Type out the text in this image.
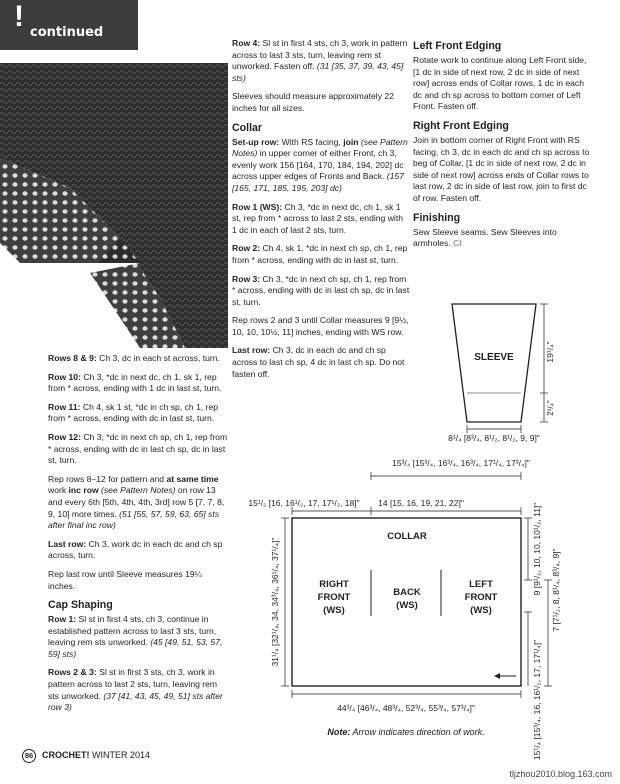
! continued

Rows 8 & 9: Ch 3, dc in each st across, turn.

Row 10: Ch 3, *dc in next dc, ch 1, sk 1, rep from * across, ending with 1 dc in last st, turn.

Row 11: Ch 4, sk 1 st, *dc in ch sp, ch 1, rep from * across, ending with dc in last st, turn.

Row 12: Ch 3, *dc in next ch sp, ch 1, rep from * across, ending with dc in last ch sp, dc in last st, turn.

Rep rows 8–12 for pattern and at same time work inc row (see Pattern Notes) on row 13 and every 6th [5th, 4th, 4th, 3rd] row 5 [7, 7, 8, 9, 10] more times. (51 [55, 57, 59, 63, 65] sts after final inc row)

Last row: Ch 3, work dc in each dc and ch sp across, turn.

Rep last row until Sleeve measures 19¼ inches.

Cap Shaping

Row 1: Sl st in first 4 sts, ch 3, continue in established pattern across to last 3 sts, turn, leaving rem sts unworked. (45 [49, 51, 53, 57, 59] sts)

Rows 2 & 3: Sl st in first 3 sts, ch 3, work in pattern across to last 2 sts, turn, leaving rem sts unworked. (37 [41, 43, 45, 49, 51] sts after row 3)

Row 4: Sl st in first 4 sts, ch 3, work in pattern across to last 3 sts, turn, leaving rem st unworked. Fasten off. (31 [35, 37, 39, 43, 45] sts)

Sleeves should measure approximately 22 inches for all sizes.

Collar

Set-up row: With RS facing, join (see Pattern Notes) in upper corner of either Front, ch 3, evenly work 156 [164, 170, 184, 194, 202] dc across upper edges of Fronts and Back. (157 [165, 171, 185, 195, 203] dc)

Row 1 (WS): Ch 3, *dc in next dc, ch 1, sk 1 st, rep from * across to last 2 sts, ending with 1 dc in each of last 2 sts, turn.

Row 2: Ch 4, sk 1, *dc in next ch sp, ch 1, rep from * across, ending with dc in last st, turn.

Row 3: Ch 3, *dc in next ch sp, ch 1, rep from * across, ending with dc in last ch sp, dc in last st, turn.

Rep rows 2 and 3 until Collar measures 9 [9½, 10, 10, 10½, 11] inches, ending with WS row.

Last row: Ch 3, dc in each dc and ch sp across to last ch sp, 4 dc in last ch sp. Do not fasten off.

Left Front Edging

Rotate work to continue along Left Front side, [1 dc in side of next row, 2 dc in side of next row] across ends of Collar rows, 1 dc in each dc and ch sp across to bottom corner of Left Front. Fasten off.

Right Front Edging

Join in bottom corner of Right Front with RS facing, ch 3, dc in each dc and ch sp across to beg of Collar, [1 dc in side of next row, 2 dc in side of next row] across ends of Collar rows to last row, 2 dc in side of last row, join to first dc of row. Fasten off.

Finishing

Sew Sleeve seams. Sew Sleeves into armholes. CI

SLEEVE	19¹/₄"
2³/₄"
8¹/₄ [8³/₄, 8¹/₂, 8¹/₂, 9, 9]"
15³/₄ [15³/₄, 16³/₄, 16³/₄, 17¹/₄, 17³/₄]"
15¹/₂ [16, 16¹/₂, 17, 17¹/₂, 18]" 14 [15, 16, 19, 21, 22]"
COLLAR
RIGHT
FRONT
(WS)
BACK
(WS)
LEFT
FRONT
(WS)
31¹/₄ [32¹/₄, 34, 34³/₄, 36¹/₄, 37¹/₄]"	9 [9¹/₂, 10, 10, 10¹/₂, 11]" 7 [7¹/₂, 8, 8¹/₄, 8³/₄, 9]"
15¹/₄ [15³/₄, 16, 16¹/₂, 17, 17¹/₄]"
44³/₄ [46³/₄, 48³/₄, 52³/₄, 55³/₄, 57³/₄]"
Note: Arrow indicates direction of work.
86 CROCHET! WINTER 2014
tljzhou2010.blog.163.com
